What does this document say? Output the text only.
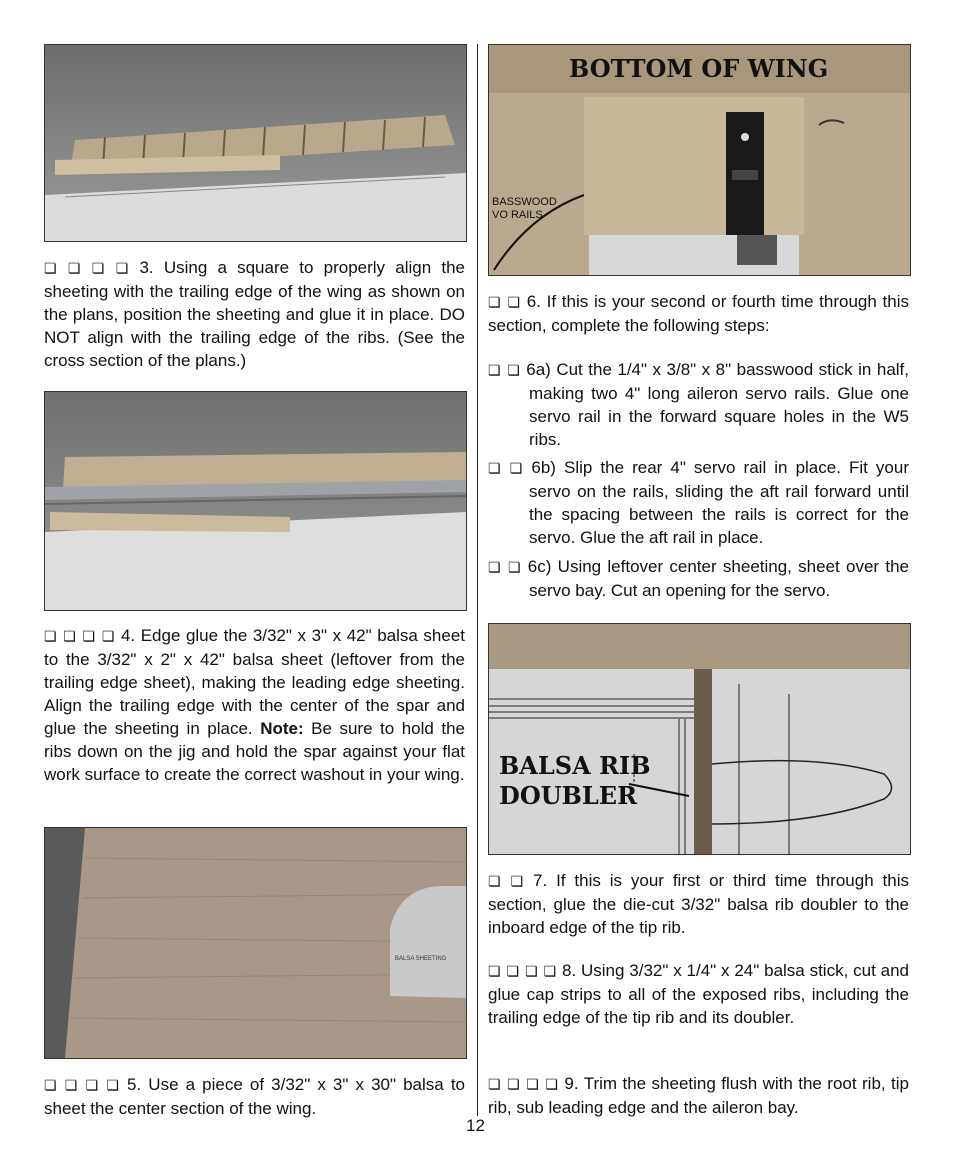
❏ ❏ ❏ ❏ 3. Using a square to properly align the sheeting with the trailing edge of the wing as shown on the plans, position the sheeting and glue it in place. DO NOT align with the trailing edge of the ribs. (See the cross section of the plans.)

❏ ❏ ❏ ❏ 4. Edge glue the 3/32" x 3" x 42" balsa sheet to the 3/32" x 2" x 42" balsa sheet (leftover from the trailing edge sheet), making the leading edge sheeting. Align the trailing edge with the center of the spar and glue the sheeting in place. Note: Be sure to hold the ribs down on the jig and hold the spar against your flat work surface to create the correct washout in your wing.

BALSA SHEETING

❏ ❏ ❏ ❏ 5. Use a piece of 3/32" x 3" x 30" balsa to sheet the center section of the wing.

BOTTOM OF WING
BASSWOOD
VO RAILS

❏ ❏ 6. If this is your second or fourth time through this section, complete the following steps:

❏ ❏ 6a) Cut the 1/4" x 3/8" x 8" basswood stick in half, making two 4" long aileron servo rails. Glue one servo rail in the forward square holes in the W5 ribs.
❏ ❏ 6b) Slip the rear 4" servo rail in place. Fit your servo on the rails, sliding the aft rail forward until the spacing between the rails is correct for the servo. Glue the aft rail in place.
❏ ❏ 6c) Using leftover center sheeting, sheet over the servo bay. Cut an opening for the servo.
BALSA RIB
DOUBLER

❏ ❏ 7. If this is your first or third time through this section, glue the die-cut 3/32" balsa rib doubler to the inboard edge of the tip rib.

❏ ❏ ❏ ❏ 8. Using 3/32" x 1/4" x 24" balsa stick, cut and glue cap strips to all of the exposed ribs, including the trailing edge of the tip rib and its doubler.

❏ ❏ ❏ ❏ 9. Trim the sheeting flush with the root rib, tip rib, sub leading edge and the aileron bay.

12
